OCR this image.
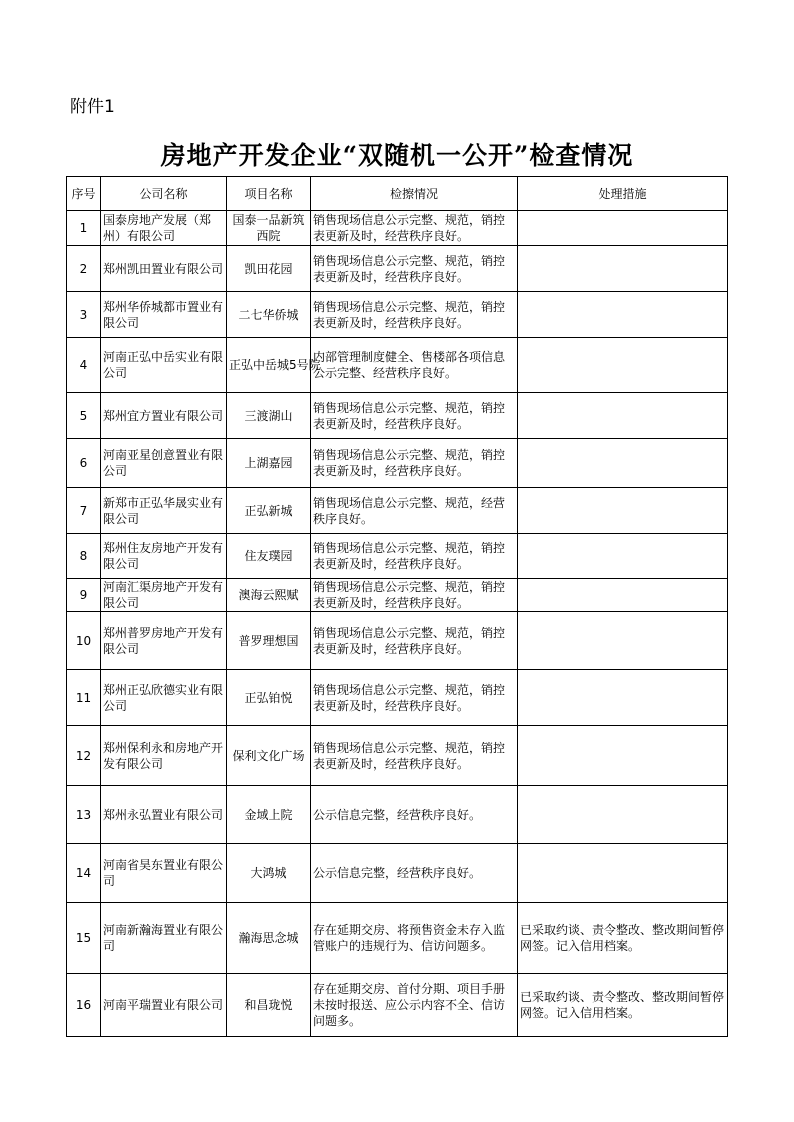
附件1
房地产开发企业“双随机一公开”检查情况
序号	公司名称	项目名称	检擦情况	处理措施
1	国泰房地产发展（郑州）有限公司	国泰一品新筑西院	销售现场信息公示完整、规范，销控表更新及时，经营秩序良好。	

2	郑州凯田置业有限公司	凯田花园	销售现场信息公示完整、规范，销控表更新及时，经营秩序良好。	

3	郑州华侨城都市置业有限公司	二七华侨城	销售现场信息公示完整、规范，销控表更新及时，经营秩序良好。	

4	河南正弘中岳实业有限公司	正弘中岳城5号院	内部管理制度健全、售楼部各项信息公示完整、经营秩序良好。	

5	郑州宜方置业有限公司	三渡湖山	销售现场信息公示完整、规范，销控表更新及时，经营秩序良好。	

6	河南亚星创意置业有限公司	上湖嘉园	销售现场信息公示完整、规范，销控表更新及时，经营秩序良好。	

7	新郑市正弘华晟实业有限公司	正弘新城	销售现场信息公示完整、规范，经营秩序良好。	

8	郑州住友房地产开发有限公司	住友璞园	销售现场信息公示完整、规范，销控表更新及时，经营秩序良好。	

9	河南汇渠房地产开发有限公司	澳海云熙赋	销售现场信息公示完整、规范，销控表更新及时，经营秩序良好。	

10	郑州普罗房地产开发有限公司	普罗理想国	销售现场信息公示完整、规范，销控表更新及时，经营秩序良好。	

11	郑州正弘欣德实业有限公司	正弘铂悦	销售现场信息公示完整、规范，销控表更新及时，经营秩序良好。	

12	郑州保利永和房地产开发有限公司	保利文化广场	销售现场信息公示完整、规范，销控表更新及时，经营秩序良好。	

13	郑州永弘置业有限公司	金域上院	公示信息完整，经营秩序良好。	

14	河南省昊东置业有限公司	大鸿城	公示信息完整，经营秩序良好。	

15	河南新瀚海置业有限公司	瀚海思念城	存在延期交房、将预售资金未存入监管账户的违规行为、信访问题多。	已采取约谈、责令整改、整改期间暂停网签。记入信用档案。
16	河南平瑞置业有限公司	和昌珑悦	存在延期交房、首付分期、项目手册未按时报送、应公示内容不全、信访问题多。	已采取约谈、责令整改、整改期间暂停网签。记入信用档案。
